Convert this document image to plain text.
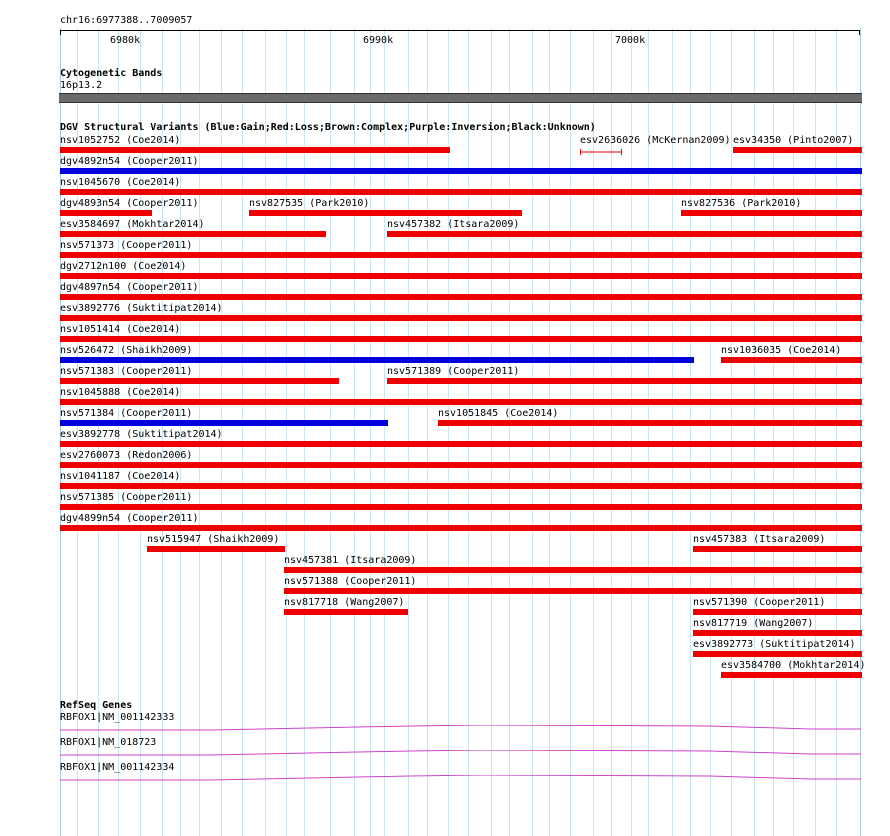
chr16:6977388..7009057
6980k	6990k	7000k
Cytogenetic Bands
16p13.2
DGV Structural Variants (Blue:Gain;Red:Loss;Brown:Complex;Purple:Inversion;Black:Unknown)
nsv1052752 (Coe2014)	esv2636026 (McKernan2009) esv34350 (Pinto2007)
dgv4892n54 (Cooper2011)
nsv1045670 (Coe2014)
dgv4893n54 (Cooper2011)	nsv827535 (Park2010)	nsv827536 (Park2010)
esv3584697 (Mokhtar2014)	nsv457382 (Itsara2009)
nsv571373 (Cooper2011)
dgv2712n100 (Coe2014)
dgv4897n54 (Cooper2011)
esv3892776 (Suktitipat2014)
nsv1051414 (Coe2014)
nsv526472 (Shaikh2009)	nsv1036035 (Coe2014)
nsv571383 (Cooper2011)	nsv571389 (Cooper2011)
nsv1045888 (Coe2014)
nsv571384 (Cooper2011)	nsv1051845 (Coe2014)
esv3892778 (Suktitipat2014)
esv2760073 (Redon2006)
nsv1041187 (Coe2014)
nsv571385 (Cooper2011)
dgv4899n54 (Cooper2011)
nsv515947 (Shaikh2009)	nsv457383 (Itsara2009)
nsv457381 (Itsara2009)
nsv571388 (Cooper2011)
nsv817718 (Wang2007)	nsv571390 (Cooper2011)
nsv817719 (Wang2007)
esv3892773 (Suktitipat2014)
esv3584700 (Mokhtar2014)
RefSeq Genes
RBFOX1|NM_001142333
RBFOX1|NM_018723
RBFOX1|NM_001142334
